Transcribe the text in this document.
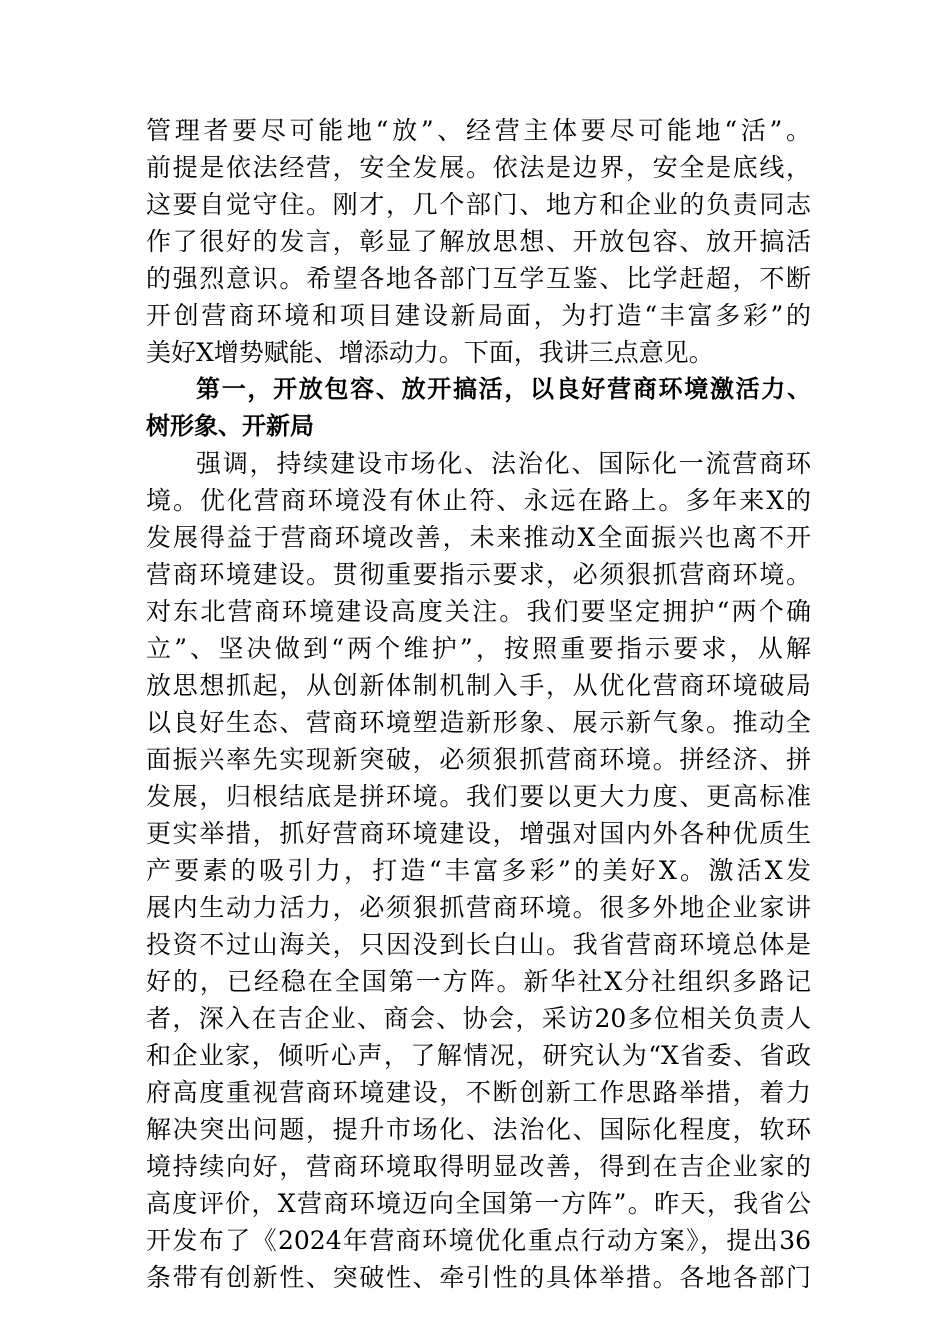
管理者要尽可能地“放”、经营主体要尽可能地“活”。
前提是依法经营，安全发展。依法是边界，安全是底线，
这要自觉守住。刚才，几个部门、地方和企业的负责同志
作了很好的发言，彰显了解放思想、开放包容、放开搞活
的强烈意识。希望各地各部门互学互鉴、比学赶超，不断
开创营商环境和项目建设新局面，为打造“丰富多彩”的
美好X增势赋能、增添动力。下面，我讲三点意见。
第一，开放包容、放开搞活，以良好营商环境激活力、
树形象、开新局
强调，持续建设市场化、法治化、国际化一流营商环
境。优化营商环境没有休止符、永远在路上。多年来X的
发展得益于营商环境改善，未来推动X全面振兴也离不开
营商环境建设。贯彻重要指示要求，必须狠抓营商环境。
对东北营商环境建设高度关注。我们要坚定拥护“两个确
立”、坚决做到“两个维护”，按照重要指示要求，从解
放思想抓起，从创新体制机制入手，从优化营商环境破局
以良好生态、营商环境塑造新形象、展示新气象。推动全
面振兴率先实现新突破，必须狠抓营商环境。拼经济、拼
发展，归根结底是拼环境。我们要以更大力度、更高标准
更实举措，抓好营商环境建设，增强对国内外各种优质生
产要素的吸引力，打造“丰富多彩”的美好X。激活X发
展内生动力活力，必须狠抓营商环境。很多外地企业家讲
投资不过山海关，只因没到长白山。我省营商环境总体是
好的，已经稳在全国第一方阵。新华社X分社组织多路记
者，深入在吉企业、商会、协会，采访20多位相关负责人
和企业家，倾听心声，了解情况，研究认为“X省委、省政
府高度重视营商环境建设，不断创新工作思路举措，着力
解决突出问题，提升市场化、法治化、国际化程度，软环
境持续向好，营商环境取得明显改善，得到在吉企业家的
高度评价，X营商环境迈向全国第一方阵”。昨天，我省公
开发布了《2024年营商环境优化重点行动方案》，提出36
条带有创新性、突破性、牵引性的具体举措。各地各部门
